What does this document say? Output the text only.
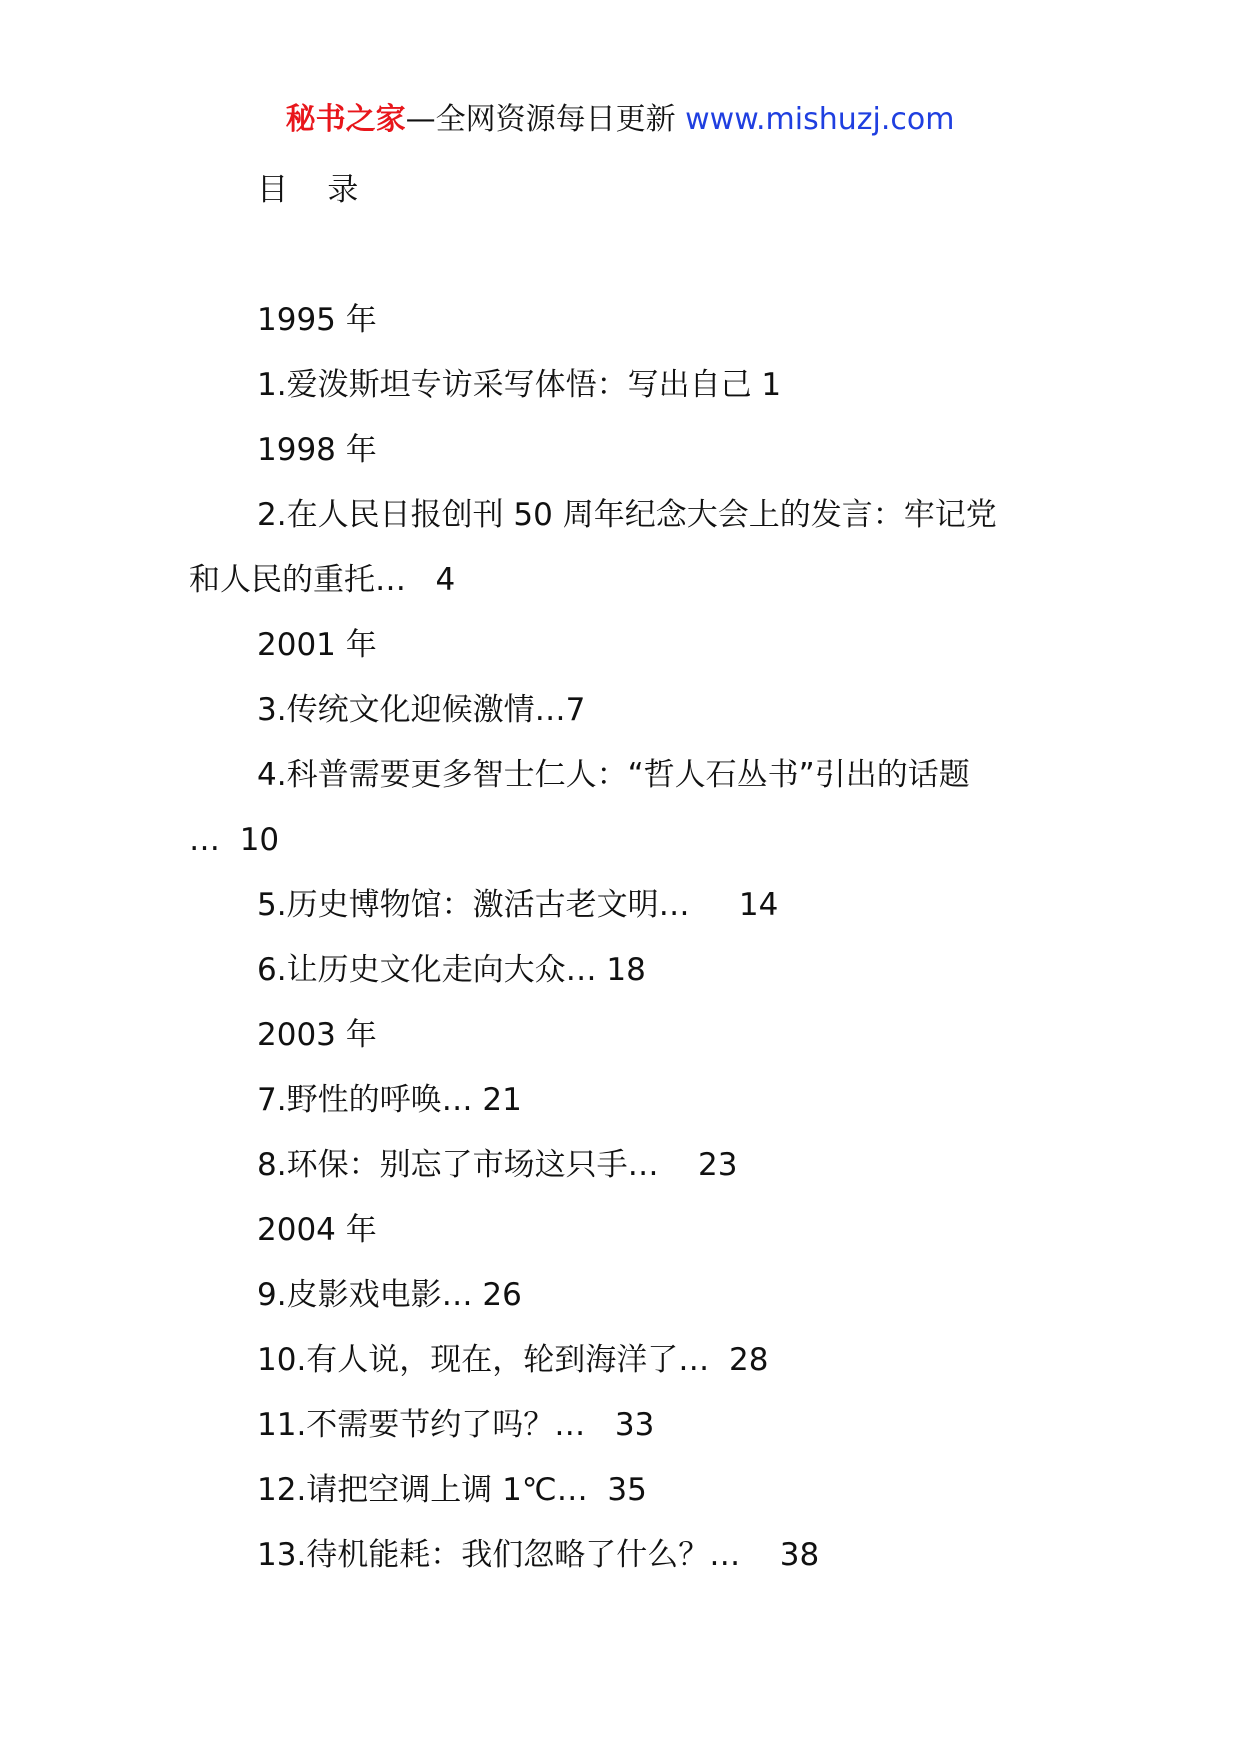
秘书之家—全网资源每日更新 www.mishuzj.com
目    录
1995 年
1.爱泼斯坦专访采写体悟：写出自己 1
1998 年
2.在人民日报创刊 50 周年纪念大会上的发言：牢记党
和人民的重托…   4
2001 年
3.传统文化迎候激情…7
4.科普需要更多智士仁人：“哲人石丛书”引出的话题
…  10
5.历史博物馆：激活古老文明…     14
6.让历史文化走向大众… 18
2003 年
7.野性的呼唤… 21
8.环保：别忘了市场这只手…    23
2004 年
9.皮影戏电影… 26
10.有人说，现在，轮到海洋了…  28
11.不需要节约了吗？…   33
12.请把空调上调 1℃…  35
13.待机能耗：我们忽略了什么？…    38
